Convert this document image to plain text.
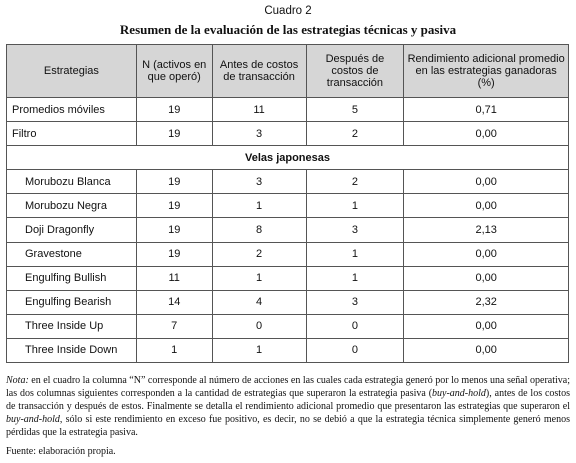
Cuadro 2
Resumen de la evaluación de las estrategias técnicas y pasiva
Estrategias	N (activos en que operó)	Antes de costos de transacción	Después de costos de transacción	Rendimiento adicional promedio en las estrategias ganadoras (%)
Promedios móviles	19	11	5	0,71
Filtro	19	3	2	0,00
Velas japonesas				
Morubozu Blanca	19	3	2	0,00
Morubozu Negra	19	1	1	0,00
Doji Dragonfly	19	8	3	2,13
Gravestone	19	2	1	0,00
Engulfing Bullish	11	1	1	0,00
Engulfing Bearish	14	4	3	2,32
Three Inside Up	7	0	0	0,00
Three Inside Down	1	1	0	0,00
Nota: en el cuadro la columna “N” corresponde al número de acciones en las cuales cada estrategia generó por lo menos una señal operativa; las dos columnas siguientes corresponden a la cantidad de estrategias que superaron la estrategia pasiva (buy-and-hold), antes de los costos de transacción y después de estos. Finalmente se detalla el rendimiento adicional promedio que presentaron las estrategias que superaron el buy-and-hold, sólo si este rendimiento en exceso fue positivo, es decir, no se debió a que la estrategia técnica simplemente generó menos pérdidas que la estrategia pasiva.
Fuente: elaboración propia.
